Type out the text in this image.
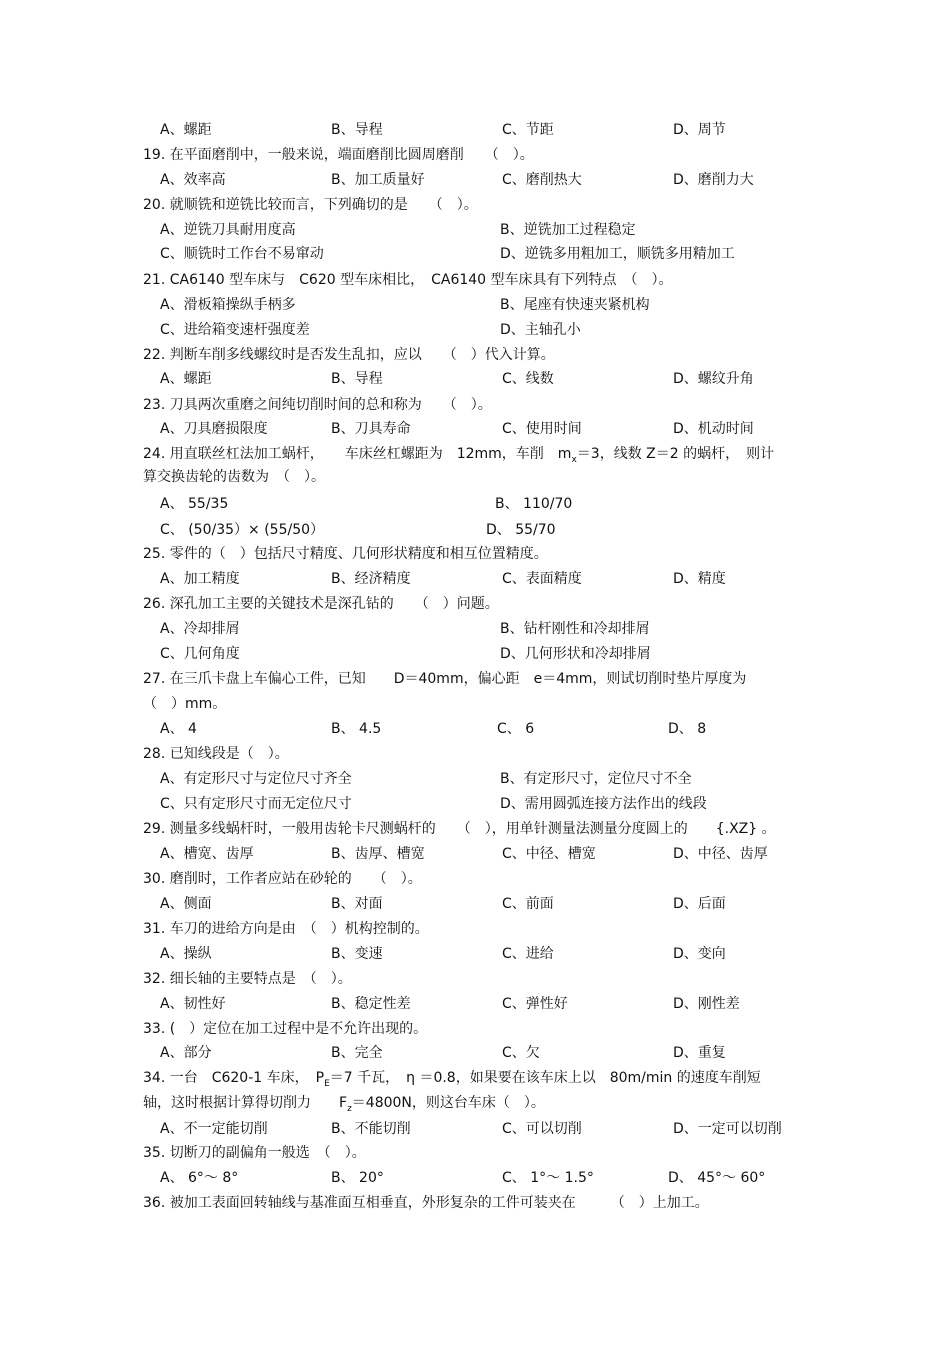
A、螺距	B、导程	C、节距	D、周节
19. 在平面磨削中，一般来说，端面磨削比圆周磨削　　（　）。
A、效率高	B、加工质量好	C、磨削热大	D、磨削力大
20. 就顺铣和逆铣比较而言，下列确切的是　　（　）。
A、逆铣刀具耐用度高	B、逆铣加工过程稳定
C、顺铣时工作台不易窜动	D、逆铣多用粗加工，顺铣多用精加工
21. CA6140 型车床与　C620 型车床相比，　CA6140 型车床具有下列特点　（　）。
A、滑板箱操纵手柄多	B、尾座有快速夹紧机构
C、进给箱变速杆强度差	D、主轴孔小
22. 判断车削多线螺纹时是否发生乱扣，应以　　（　）代入计算。
A、螺距	B、导程	C、线数	D、螺纹升角
23. 刀具两次重磨之间纯切削时间的总和称为　　（　）。
A、刀具磨损限度	B、刀具寿命	C、使用时间	D、机动时间
24. 用直联丝杠法加工蜗杆，　　车床丝杠螺距为　12mm，车削　$m_x=3$，线数 Z＝2 的蜗杆，　则计
算交换齿轮的齿数为　（　）。
A、 55/35	B、 110/70
C、 (50/35）× (55/50）	D、 55/70
25. 零件的（　）包括尺寸精度、几何形状精度和相互位置精度。
A、加工精度	B、经济精度	C、表面精度	D、精度
26. 深孔加工主要的关键技术是深孔钻的　　（　）问题。
A、冷却排屑	B、钻杆刚性和冷却排屑
C、几何角度	D、几何形状和冷却排屑
27. 在三爪卡盘上车偏心工件，已知　　D＝40mm，偏心距　e＝4mm，则试切削时垫片厚度为
（　）mm。
A、 4	B、 4.5	C、 6	D、 8
28. 已知线段是（　）。
A、有定形尺寸与定位尺寸齐全	B、有定形尺寸，定位尺寸不全
C、只有定形尺寸而无定位尺寸	D、需用圆弧连接方法作出的线段
29. 测量多线蜗杆时，一般用齿轮卡尺测蜗杆的　　（　），用单针测量法测量分度圆上的　　{.XZ} 。
A、槽宽、齿厚	B、齿厚、槽宽	C、中径、槽宽	D、中径、齿厚
30. 磨削时，工作者应站在砂轮的　　（　）。
A、侧面	B、对面	C、前面	D、后面
31. 车刀的进给方向是由　（　）机构控制的。
A、操纵	B、变速	C、进给	D、变向
32. 细长轴的主要特点是　（　）。
A、韧性好	B、稳定性差	C、弹性好	D、刚性差
33. (　）定位在加工过程中是不允许出现的。
A、部分	B、完全	C、欠	D、重复
34. 一台　C620-1 车床，　$P_E=7$ 千瓦，　η ＝0.8，如果要在该车床上以　80m/min 的速度车削短
轴，这时根据计算得切削力　　$F_z=4800N$，则这台车床（　）。
A、不一定能切削	B、不能切削	C、可以切削	D、一定可以切削
35. 切断刀的副偏角一般选　（　）。
A、 6°～ 8°	B、 20°	C、 1°～ 1.5°	D、 45°～ 60°
36. 被加工表面回转轴线与基准面互相垂直，外形复杂的工件可装夹在　　　（　）上加工。
